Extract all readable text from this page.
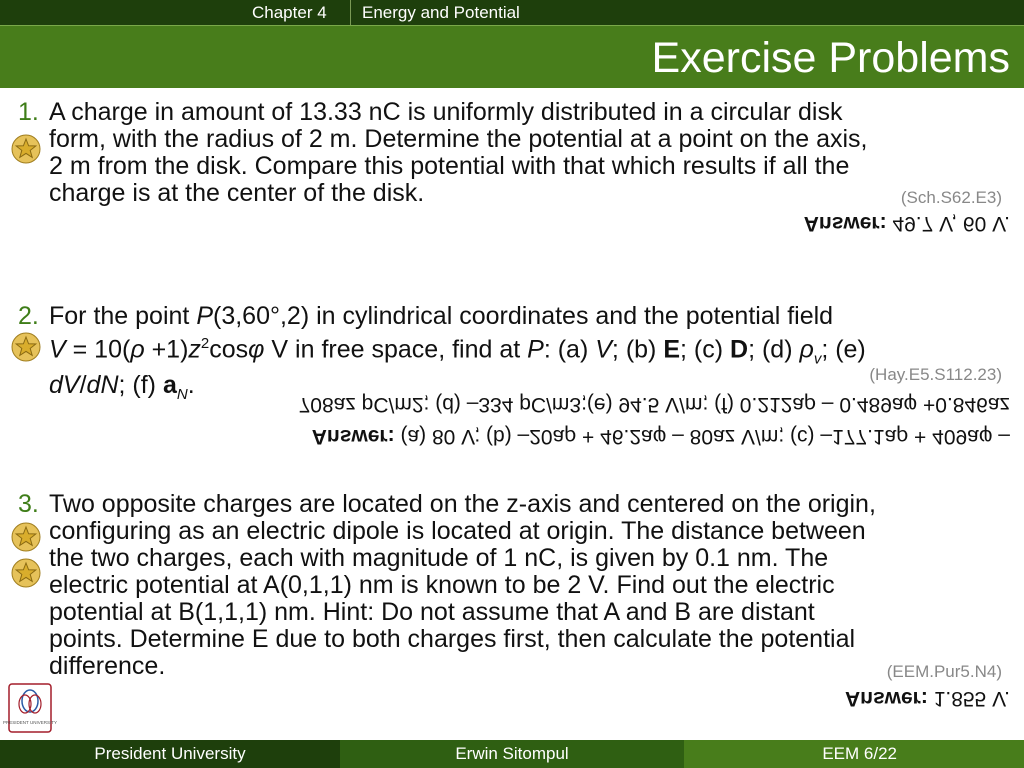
Chapter 4 Energy and Potential
Exercise Problems
1. A charge in amount of 13.33 nC is uniformly distributed in a circular disk
form, with the radius of 2 m. Determine the potential at a point on the axis,
2 m from the disk. Compare this potential with that which results if all the
charge is at the center of the disk.	(Sch.S62.E3)
Answer: 49.7 V, 60 V.
2. For the point P(3,60°,2) in cylindrical coordinates and the potential field
$V = 10(\rho +1)z^2\cos\varphi$ V in free space, find at P: (a) V; (b) E; (c) D; (d) $\rho_v$; (e)
dV/dN; (f) $a_N$.	(Hay.E5.S112.23)
708az pC/m2; (d) –334 pC/m3;(e) 94.5 V/m; (f) 0.212aρ – 0.489aφ +0.846az
Answer: (a) 80 V; (b) –20aρ + 46.2aφ – 80az V/m; (c) –177.1aρ + 409aφ –
3. Two opposite charges are located on the z-axis and centered on the origin,
configuring as an electric dipole is located at origin. The distance between
the two charges, each with magnitude of 1 nC, is given by 0.1 nm. The
electric potential at A(0,1,1) nm is known to be 2 V. Find out the electric
potential at B(1,1,1) nm. Hint: Do not assume that A and B are distant
points. Determine E due to both charges first, then calculate the potential
difference.	(EEM.Pur5.N4)
Answer: 1.855 V.
PRESIDENT UNIVERSITY
President University	Erwin Sitompul	EEM 6/22
